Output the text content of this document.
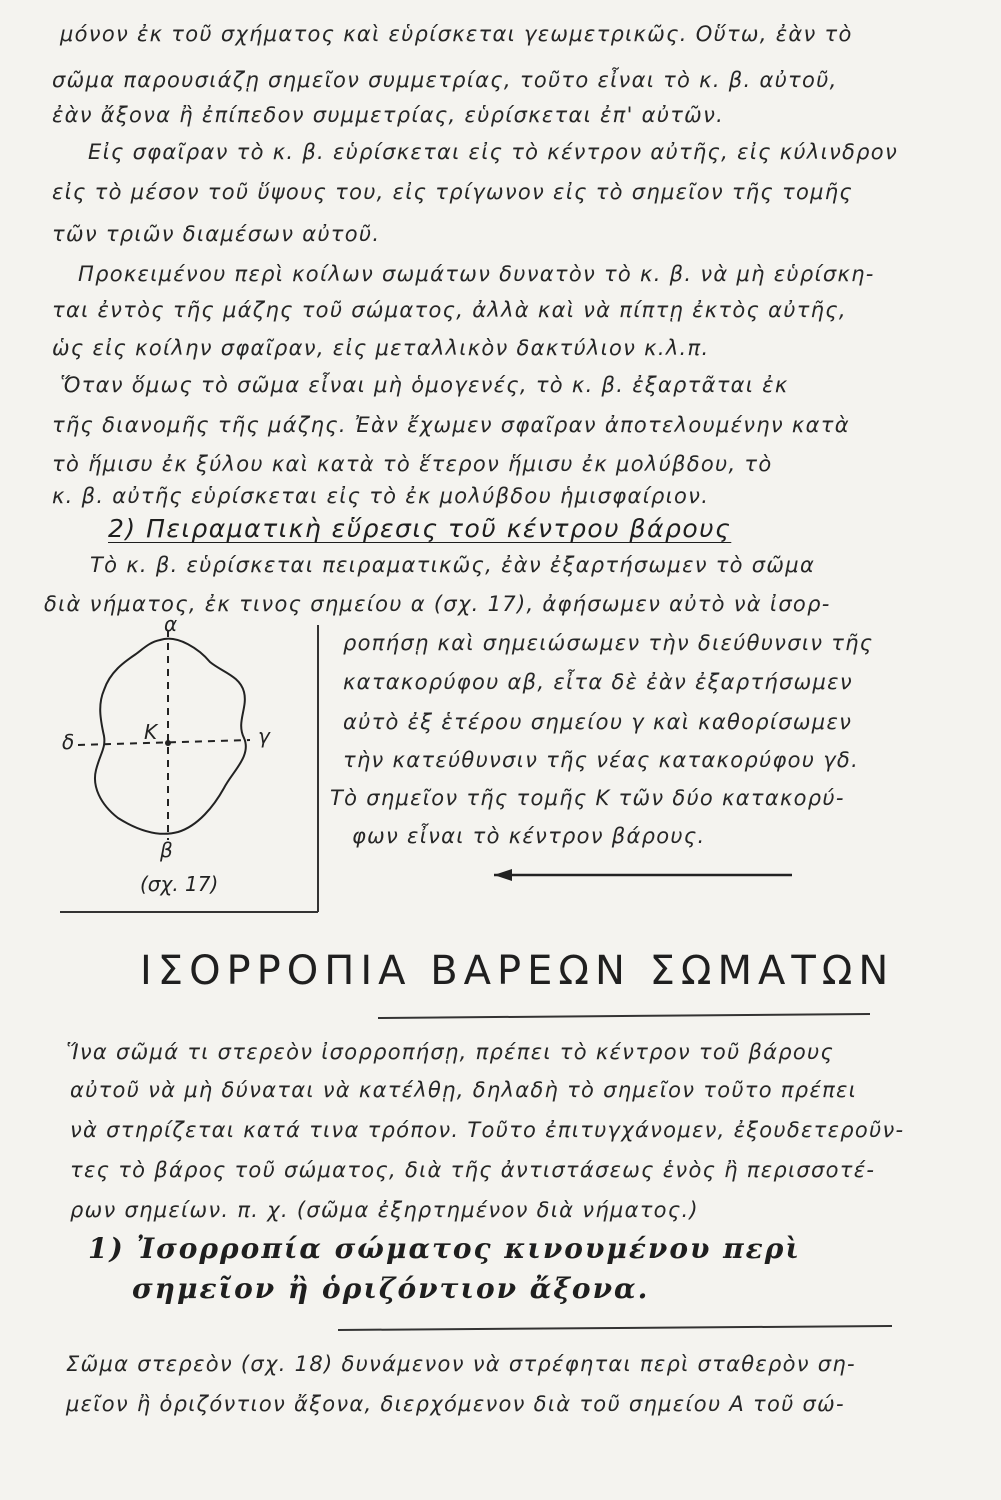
μόνον ἐκ τοῦ σχήματος καὶ εὑρίσκεται γεωμετρικῶς. Οὕτω, ἐὰν τὸ
σῶμα παρουσιάζῃ σημεῖον συμμετρίας, τοῦτο εἶναι τὸ κ. β. αὐτοῦ,
ἐὰν ἄξονα ἢ ἐπίπεδον συμμετρίας, εὑρίσκεται ἐπ' αὐτῶν.
Εἰς σφαῖραν τὸ κ. β. εὑρίσκεται εἰς τὸ κέντρον αὐτῆς, εἰς κύλινδρον
εἰς τὸ μέσον τοῦ ὕψους του, εἰς τρίγωνον εἰς τὸ σημεῖον τῆς τομῆς
τῶν τριῶν διαμέσων αὐτοῦ.
Προκειμένου περὶ κοίλων σωμάτων δυνατὸν τὸ κ. β. νὰ μὴ εὑρίσκη-
ται ἐντὸς τῆς μάζης τοῦ σώματος, ἀλλὰ καὶ νὰ πίπτῃ ἐκτὸς αὐτῆς,
ὡς εἰς κοίλην σφαῖραν, εἰς μεταλλικὸν δακτύλιον κ.λ.π.
Ὅταν ὅμως τὸ σῶμα εἶναι μὴ ὁμογενές, τὸ κ. β. ἐξαρτᾶται ἐκ
τῆς διανομῆς τῆς μάζης. Ἐὰν ἔχωμεν σφαῖραν ἀποτελουμένην κατὰ
τὸ ἥμισυ ἐκ ξύλου καὶ κατὰ τὸ ἕτερον ἥμισυ ἐκ μολύβδου, τὸ
κ. β. αὐτῆς εὑρίσκεται εἰς τὸ ἐκ μολύβδου ἡμισφαίριον.
2) Πειραματικὴ εὕρεσις τοῦ κέντρου βάρους
Τὸ κ. β. εὑρίσκεται πειραματικῶς, ἐὰν ἐξαρτήσωμεν τὸ σῶμα
διὰ νήματος, ἐκ τινος σημείου α (σχ. 17), ἀφήσωμεν αὐτὸ νὰ ἰσορ-
ροπήσῃ καὶ σημειώσωμεν τὴν διεύθυνσιν τῆς
κατακορύφου αβ, εἶτα δὲ ἐὰν ἐξαρτήσωμεν
αὐτὸ ἐξ ἑτέρου σημείου γ καὶ καθορίσωμεν
τὴν κατεύθυνσιν τῆς νέας κατακορύφου γδ.
Τὸ σημεῖον τῆς τομῆς Κ τῶν δύο κατακορύ-
φων εἶναι τὸ κέντρον βάρους.
α
β
γ
δ	Κ
(σχ. 17)
ΙΣΟΡΡΟΠΙΑ ΒΑΡΕΩΝ ΣΩΜΑΤΩΝ
Ἵνα σῶμά τι στερεὸν ἰσορροπήσῃ, πρέπει τὸ κέντρον τοῦ βάρους
αὐτοῦ νὰ μὴ δύναται νὰ κατέλθῃ, δηλαδὴ τὸ σημεῖον τοῦτο πρέπει
νὰ στηρίζεται κατά τινα τρόπον. Τοῦτο ἐπιτυγχάνομεν, ἐξουδετεροῦν-
τες τὸ βάρος τοῦ σώματος, διὰ τῆς ἀντιστάσεως ἑνὸς ἢ περισσοτέ-
ρων σημείων. π. χ. (σῶμα ἐξηρτημένον διὰ νήματος.)
1) Ἰσορροπία σώματος κινουμένου περὶ
σημεῖον ἢ ὁριζόντιον ἄξονα.
Σῶμα στερεὸν (σχ. 18) δυνάμενον νὰ στρέφηται περὶ σταθερὸν ση-
μεῖον ἢ ὁριζόντιον ἄξονα, διερχόμενον διὰ τοῦ σημείου Α τοῦ σώ-
